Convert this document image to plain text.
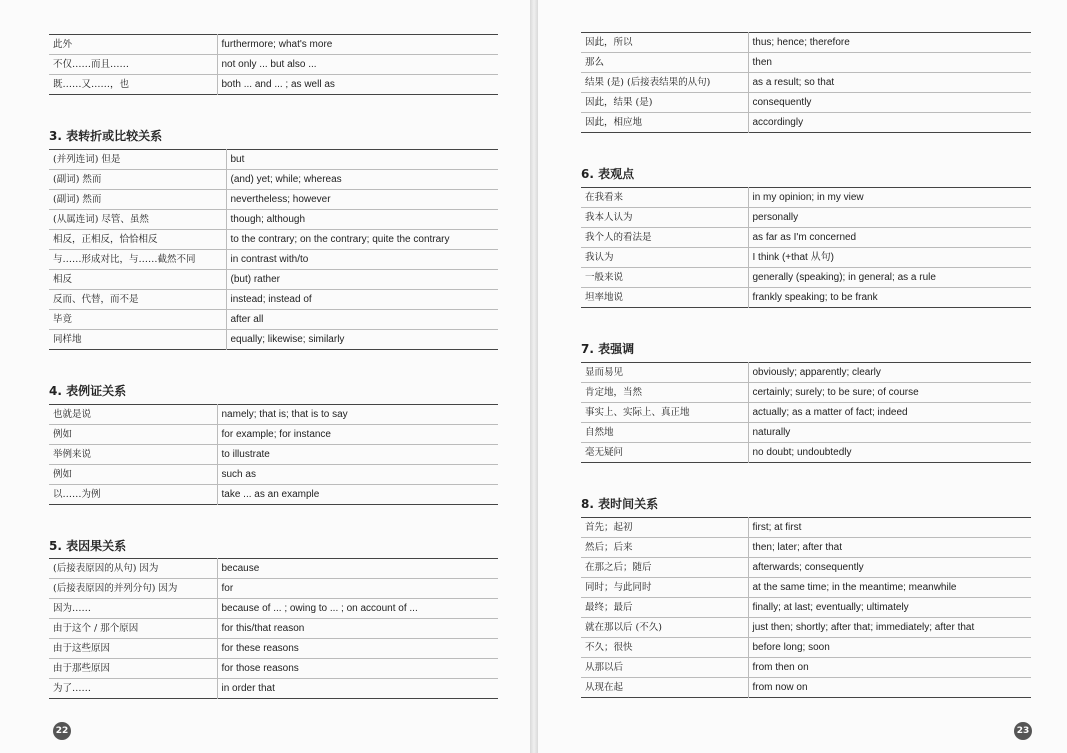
此外	furthermore; what's more
不仅……而且……	not only ... but also ...
既……又……，也	both ... and ... ; as well as
3. 表转折或比较关系
(并列连词) 但是	but
(副词) 然而	(and) yet; while; whereas
(副词) 然而	nevertheless; however
(从属连词) 尽管、虽然	though; although
相反，正相反，恰恰相反	to the contrary; on the contrary; quite the contrary
与……形成对比，与……截然不同	in contrast with/to
相反	(but) rather
反而、代替，而不是	instead; instead of
毕竟	after all
同样地	equally; likewise; similarly
4. 表例证关系
也就是说	namely; that is; that is to say
例如	for example; for instance
举例来说	to illustrate
例如	such as
以……为例	take ... as an example
5. 表因果关系
(后接表原因的从句) 因为	because
(后接表原因的并列分句) 因为	for
因为……	because of ... ; owing to ... ; on account of ...
由于这个 / 那个原因	for this/that reason
由于这些原因	for these reasons
由于那些原因	for those reasons
为了……	in order that
22
因此，所以	thus; hence; therefore
那么	then
结果 (是) (后接表结果的从句)	as a result; so that
因此，结果 (是)	consequently
因此，相应地	accordingly
6. 表观点
在我看来	in my opinion; in my view
我本人认为	personally
我个人的看法是	as far as I'm concerned
我认为	I think (+that 从句)
一般来说	generally (speaking); in general; as a rule
坦率地说	frankly speaking; to be frank
7. 表强调
显而易见	obviously; apparently; clearly
肯定地，当然	certainly; surely; to be sure; of course
事实上、实际上、真正地	actually; as a matter of fact; indeed
自然地	naturally
毫无疑问	no doubt; undoubtedly
8. 表时间关系
首先；起初	first; at first
然后；后来	then; later; after that
在那之后；随后	afterwards; consequently
同时；与此同时	at the same time; in the meantime; meanwhile
最终；最后	finally; at last; eventually; ultimately
就在那以后 (不久)	just then; shortly; after that; immediately; after that
不久；很快	before long; soon
从那以后	from then on
从现在起	from now on
23
